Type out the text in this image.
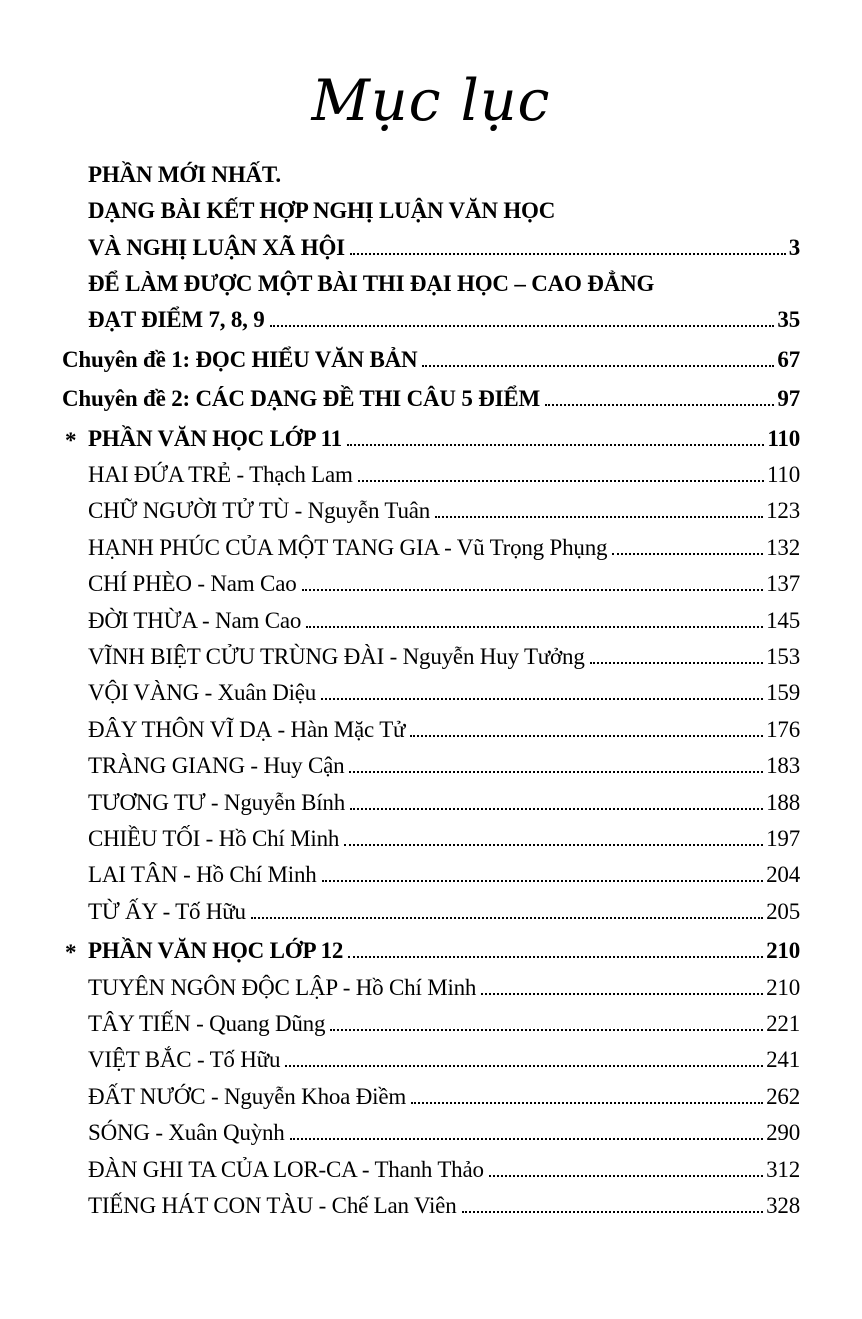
Mục lục
PHẦN MỚI NHẤT.
DẠNG BÀI KẾT HỢP NGHỊ LUẬN VĂN HỌC
VÀ NGHỊ LUẬN XÃ HỘI	3
ĐỂ LÀM ĐƯỢC MỘT BÀI THI ĐẠI HỌC – CAO ĐẲNG
ĐẠT ĐIỂM 7, 8, 9	35
Chuyên đề 1: ĐỌC HIỂU VĂN BẢN	67
Chuyên đề 2: CÁC DẠNG ĐỀ THI CÂU 5 ĐIỂM	97
* PHẦN VĂN HỌC LỚP 11	110
HAI ĐỨA TRẺ - Thạch Lam	110
CHỮ NGƯỜI TỬ TÙ - Nguyễn Tuân	123
HẠNH PHÚC CỦA MỘT TANG GIA - Vũ Trọng Phụng	132
CHÍ PHÈO - Nam Cao	137
ĐỜI THỪA - Nam Cao	145
VĨNH BIỆT CỬU TRÙNG ĐÀI - Nguyễn Huy Tưởng	153
VỘI VÀNG - Xuân Diệu	159
ĐÂY THÔN VĨ DẠ - Hàn Mặc Tử	176
TRÀNG GIANG - Huy Cận	183
TƯƠNG TƯ - Nguyễn Bính	188
CHIỀU TỐI - Hồ Chí Minh	197
LAI TÂN - Hồ Chí Minh	204
TỪ ẤY - Tố Hữu	205
* PHẦN VĂN HỌC LỚP 12	210
TUYÊN NGÔN ĐỘC LẬP - Hồ Chí Minh	210
TÂY TIẾN - Quang Dũng	221
VIỆT BẮC - Tố Hữu	241
ĐẤT NƯỚC - Nguyễn Khoa Điềm	262
SÓNG - Xuân Quỳnh	290
ĐÀN GHI TA CỦA LOR-CA - Thanh Thảo	312
TIẾNG HÁT CON TÀU - Chế Lan Viên	328
